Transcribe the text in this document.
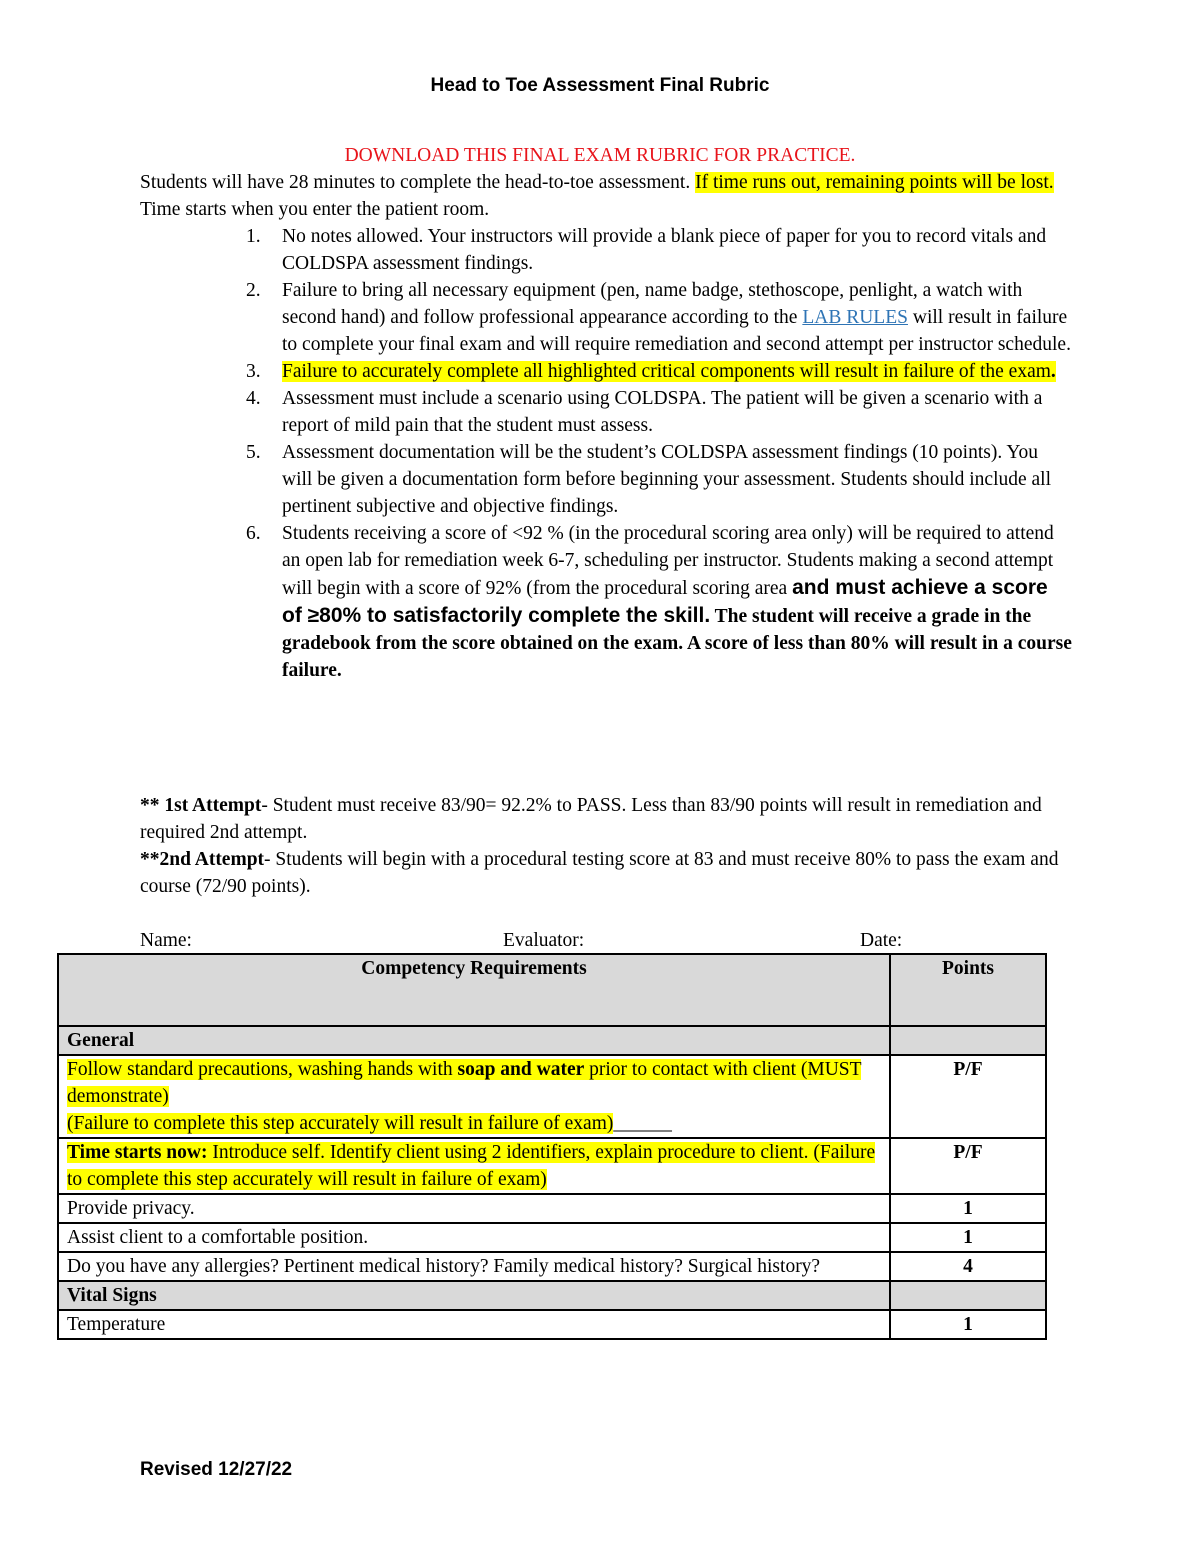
Head to Toe Assessment Final Rubric
DOWNLOAD THIS FINAL EXAM RUBRIC FOR PRACTICE.

Students will have 28 minutes to complete the head-to-toe assessment. If time runs out, remaining points will be lost. Time starts when you enter the patient room.

1.	No notes allowed. Your instructors will provide a blank piece of paper for you to record vitals and COLDSPA assessment findings.
2.	Failure to bring all necessary equipment (pen, name badge, stethoscope, penlight, a watch with second hand) and follow professional appearance according to the LAB RULES will result in failure to complete your final exam and will require remediation and second attempt per instructor schedule.
3.	Failure to accurately complete all highlighted critical components will result in failure of the exam.
4.	Assessment must include a scenario using COLDSPA. The patient will be given a scenario with a report of mild pain that the student must assess.
5.	Assessment documentation will be the student’s COLDSPA assessment findings (10 points). You will be given a documentation form before beginning your assessment. Students should include all pertinent subjective and objective findings.
6.	Students receiving a score of <92 % (in the procedural scoring area only) will be required to attend an open lab for remediation week 6-7, scheduling per instructor. Students making a second attempt will begin with a score of 92% (from the procedural scoring area and must achieve a score of ≥80% to satisfactorily complete the skill. The student will receive a grade in the gradebook from the score obtained on the exam. A score of less than 80% will result in a course failure.

** 1st Attempt- Student must receive 83/90= 92.2% to PASS. Less than 83/90 points will result in remediation and required 2nd attempt.
**2nd Attempt- Students will begin with a procedural testing score at 83 and must receive 80% to pass the exam and course (72/90 points).

Name:	Evaluator:	Date:
Competency Requirements	Points
General	
Follow standard precautions, washing hands with soap and water prior to contact with client (MUST demonstrate)
(Failure to complete this step accurately will result in failure of exam)______	P/F
Time starts now: Introduce self. Identify client using 2 identifiers, explain procedure to client. (Failure to complete this step accurately will result in failure of exam)	P/F
Provide privacy.	1
Assist client to a comfortable position.	1
Do you have any allergies? Pertinent medical history? Family medical history? Surgical history?	4
Vital Signs	
Temperature	1
Revised 12/27/22
